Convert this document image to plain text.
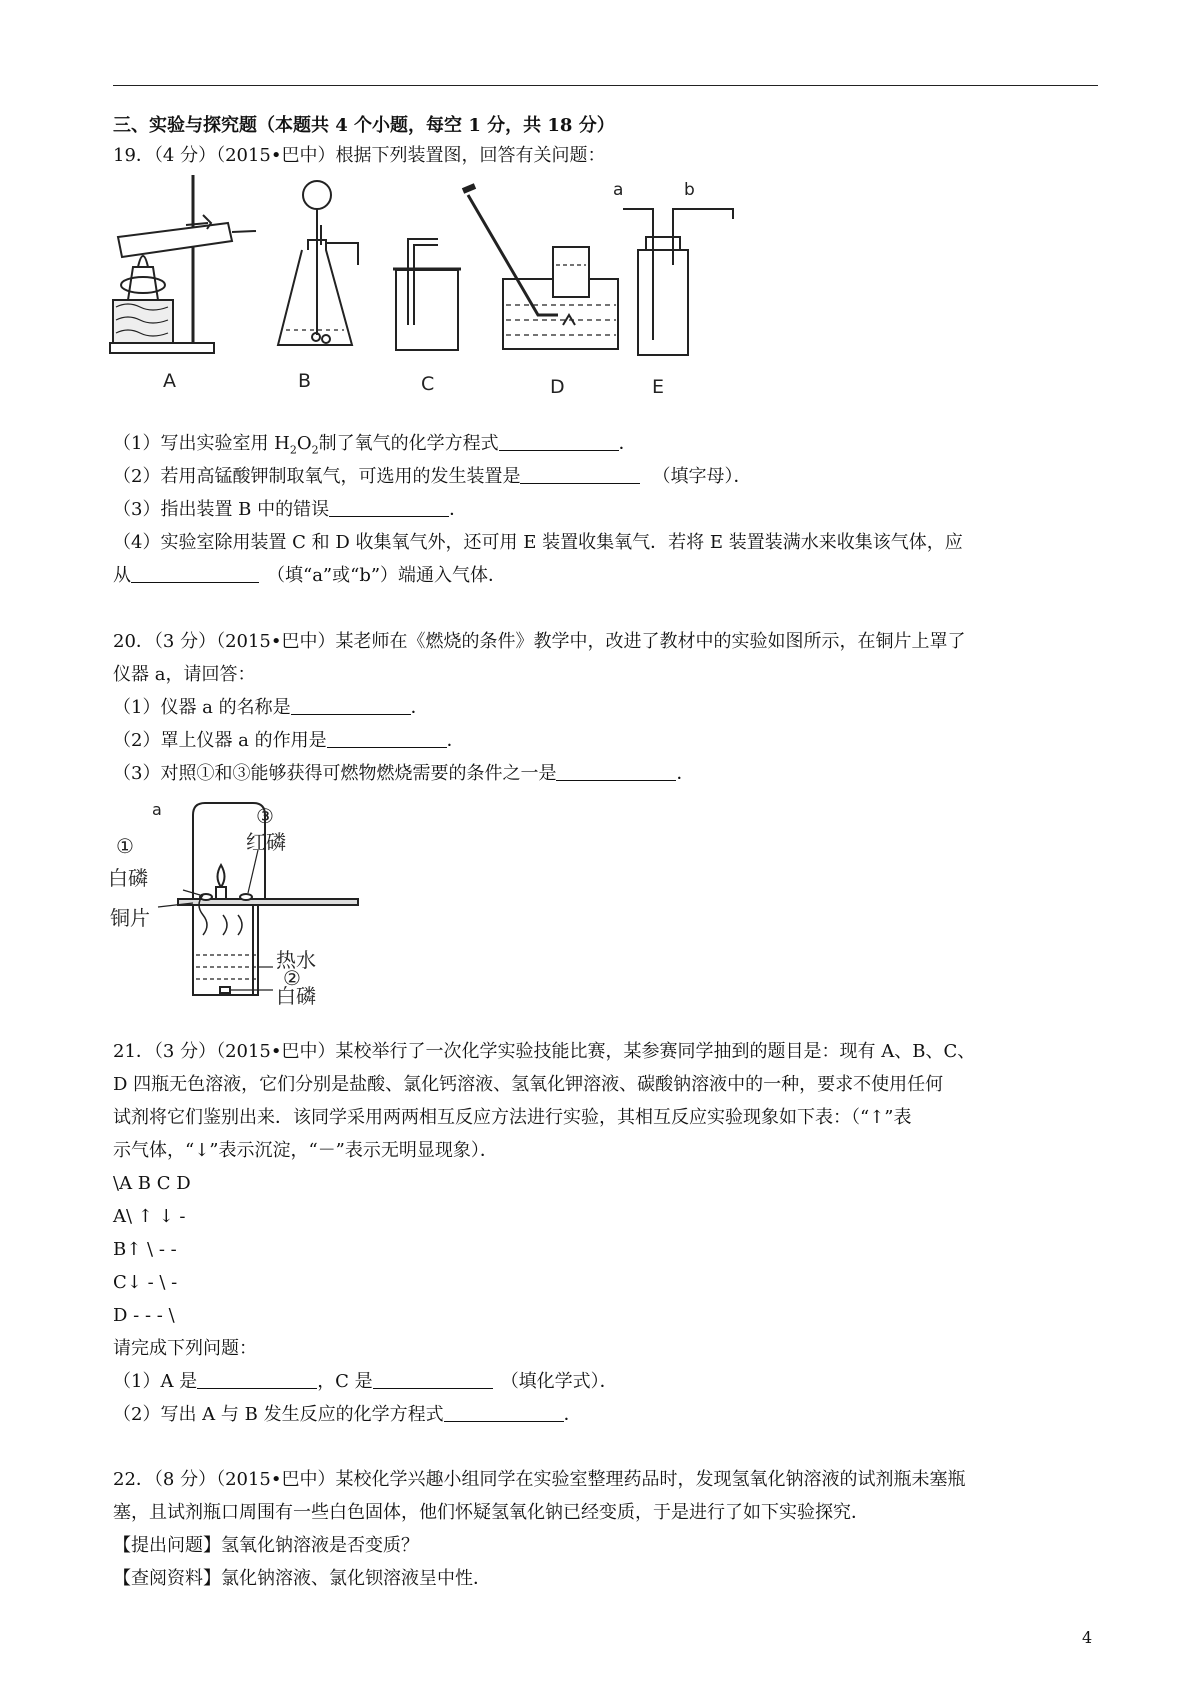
三、实验与探究题（本题共 4 个小题，每空 1 分，共 18 分）
19．（4 分）（2015•巴中）根据下列装置图，回答有关问题：
A	B	C	D	E
a	b
（1）写出实验室用 $H_2O_2$制了氧气的化学方程式	．
（2）若用高锰酸钾制取氧气，可选用的发生装置是	（填字母）．
（3）指出装置 B 中的错误	．
（4）实验室除用装置 C 和 D 收集氧气外，还可用 E 装置收集氧气．若将 E 装置装满水来收集该气体，应
从	（填“a”或“b”）端通入气体．
20．（3 分）（2015•巴中）某老师在《燃烧的条件》教学中，改进了教材中的实验如图所示，在铜片上罩了
仪器 a，请回答：
（1）仪器 a 的名称是	．
（2）罩上仪器 a 的作用是	．
（3）对照①和③能够获得可燃物燃烧需要的条件之一是	．
a
①
白磷
③
红磷
铜片
热水
②
白磷
21．（3 分）（2015•巴中）某校举行了一次化学实验技能比赛，某参赛同学抽到的题目是：现有 A、B、C、
D 四瓶无色溶液，它们分别是盐酸、氯化钙溶液、氢氧化钾溶液、碳酸钠溶液中的一种，要求不使用任何
试剂将它们鉴别出来．该同学采用两两相互反应方法进行实验，其相互反应实验现象如下表：（“↑”表
示气体，“↓”表示沉淀，“－”表示无明显现象）．
\A B C D
A\ ↑ ↓ -
B↑ \ - -
C↓ - \ -
D - - - \
请完成下列问题：
（1）A 是	，C 是	（填化学式）．
（2）写出 A 与 B 发生反应的化学方程式	．
22．（8 分）（2015•巴中）某校化学兴趣小组同学在实验室整理药品时，发现氢氧化钠溶液的试剂瓶未塞瓶
塞，且试剂瓶口周围有一些白色固体，他们怀疑氢氧化钠已经变质，于是进行了如下实验探究．
【提出问题】氢氧化钠溶液是否变质？
【查阅资料】氯化钠溶液、氯化钡溶液呈中性．
4
